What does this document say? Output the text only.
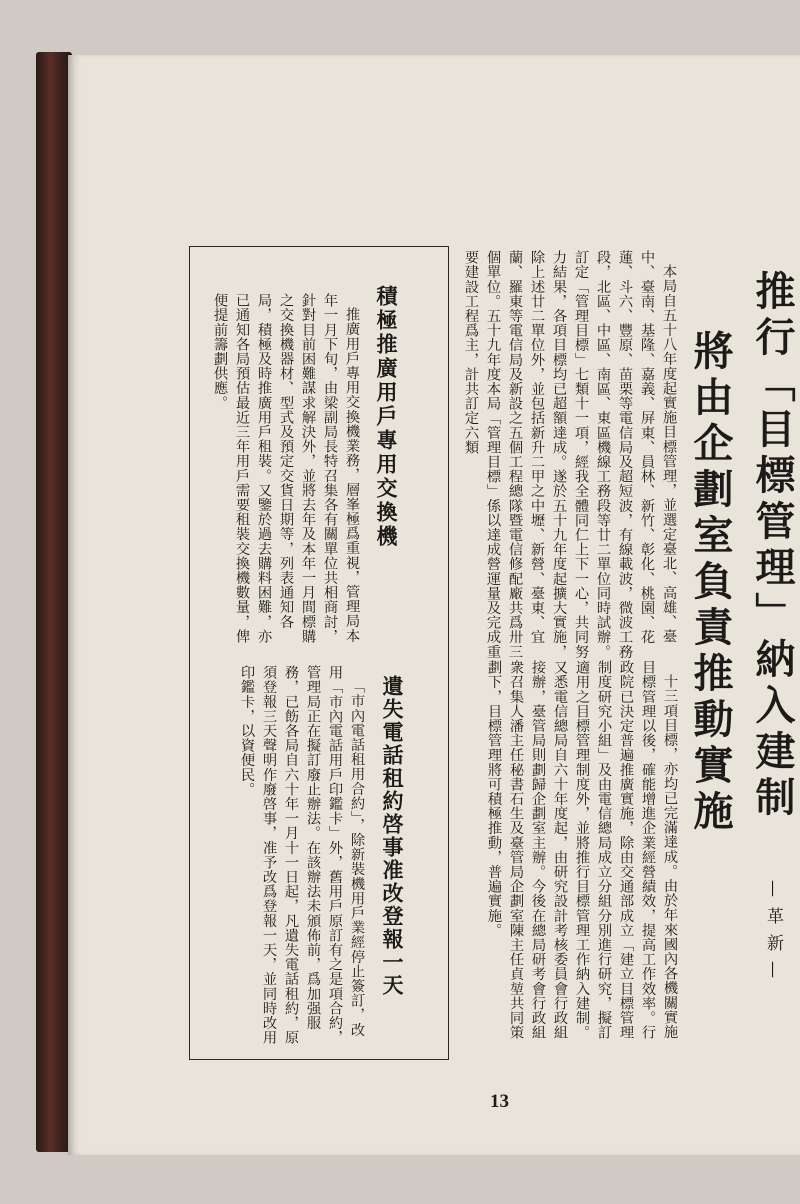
推行「目標管理」納入建制
將由企劃室負責推動實施
—革新—

本局自五十八年度起實施目標管理，並選定臺北、高雄、臺中、臺南、基隆、嘉義、屏東、員林、新竹、彰化、桃園、花蓮、斗六、豐原、苗栗等電信局及超短波，有線載波，微波工務段，北區、中區、南區、東區機線工務段等廿二單位同時試辦。訂定「管理目標」七類十一項，經我全體同仁上下一心，共同努力結果，各項目標均已超額達成。遂於五十九年度起擴大實施，除上述廿二單位外，並包括新升二甲之中壢、新營、臺東、宜蘭、羅東等電信局及新設之五個工程總隊暨電信修配廠共爲卅三個單位。五十九年度本局「管理目標」係以達成營運量及完成重要建設工程爲主，計共訂定六類

十三項目標，亦均已完滿達成。由於年來國內各機關實施目標管理以後，確能增進企業經營績效，提高工作效率。行政院已決定普遍推廣實施，除由交通部成立「建立目標管理制度研究小組」及由電信總局成立分組分別進行研究，擬訂適用之目標管理制度外，並將推行目標管理工作納入建制。又悉電信總局自六十年度起，由研究設計考核委員會行政組接辦，臺管局則劃歸企劃室主辦。今後在總局研考會行政組衆召集人潘主任秘書石生及臺管局企劃室陳主任貞堃共同策劃下，目標管理將可積極推動，普遍實施。

積極推廣用戶專用交換機

推廣用戶專用交換機業務，層峯極爲重視，管理局本年一月下旬，由梁副局長特召集各有關單位共相商討，針對目前困難謀求解決外，並將去年及本年一月間標購之交換機器材、型式及預定交貨日期等，列表通知各局，積極及時推廣用戶租裝。又鑒於過去購料困難，亦已通知各局預估最近三年用戶需要租裝交換機數量，俾便提前籌劃供應。

遺失電話租約啓事准改登報一天

「市內電話租用合約」，除新裝機用戶業經停止簽訂，改用「市內電話用戶印鑑卡」外，舊用戶原訂有之是項合約，管理局正在擬訂廢止辦法。在該辦法未頒佈前，爲加强服務，已飭各局自六十年一月十一日起，凡遺失電話租約，原須登報三天聲明作廢啓事，准予改爲登報一天，並同時改用印鑑卡，以資便民。

13
